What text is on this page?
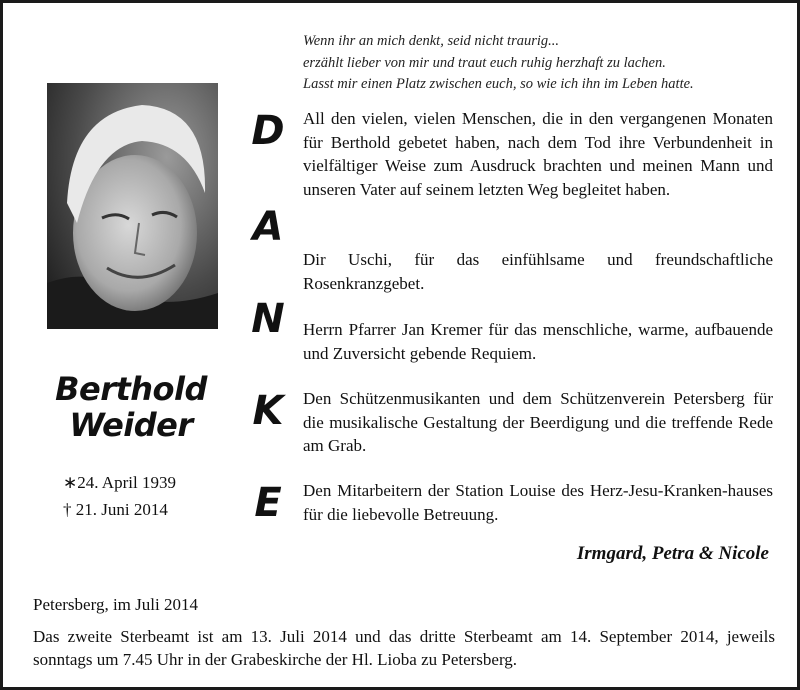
Wenn ihr an mich denkt, seid nicht traurig...
erzählt lieber von mir und traut euch ruhig herzhaft zu lachen.
Lasst mir einen Platz zwischen euch, so wie ich ihn im Leben hatte.
Berthold
Weider
∗24. April 1939
† 21. Juni 2014
D
A
N
K
E
All den vielen, vielen Menschen, die in den vergangenen Monaten für Berthold gebetet haben, nach dem Tod ihre Verbundenheit in vielfältiger Weise zum Ausdruck brachten und meinen Mann und unseren Vater auf seinem letzten Weg begleitet haben.
Dir Uschi, für das einfühlsame und freundschaftliche Rosenkranzgebet.
Herrn Pfarrer Jan Kremer für das menschliche, warme, aufbauende und Zuversicht gebende Requiem.
Den Schützenmusikanten und dem Schützenverein Petersberg für die musikalische Gestaltung der Beerdigung und die treffende Rede am Grab.
Den Mitarbeitern der Station Louise des Herz-Jesu-Kranken-hauses für die liebevolle Betreuung.
Irmgard, Petra & Nicole
Petersberg, im Juli 2014
Das zweite Sterbeamt ist am 13. Juli 2014 und das dritte Sterbeamt am 14. September 2014, jeweils sonntags um 7.45 Uhr in der Grabeskirche der Hl. Lioba zu Petersberg.
